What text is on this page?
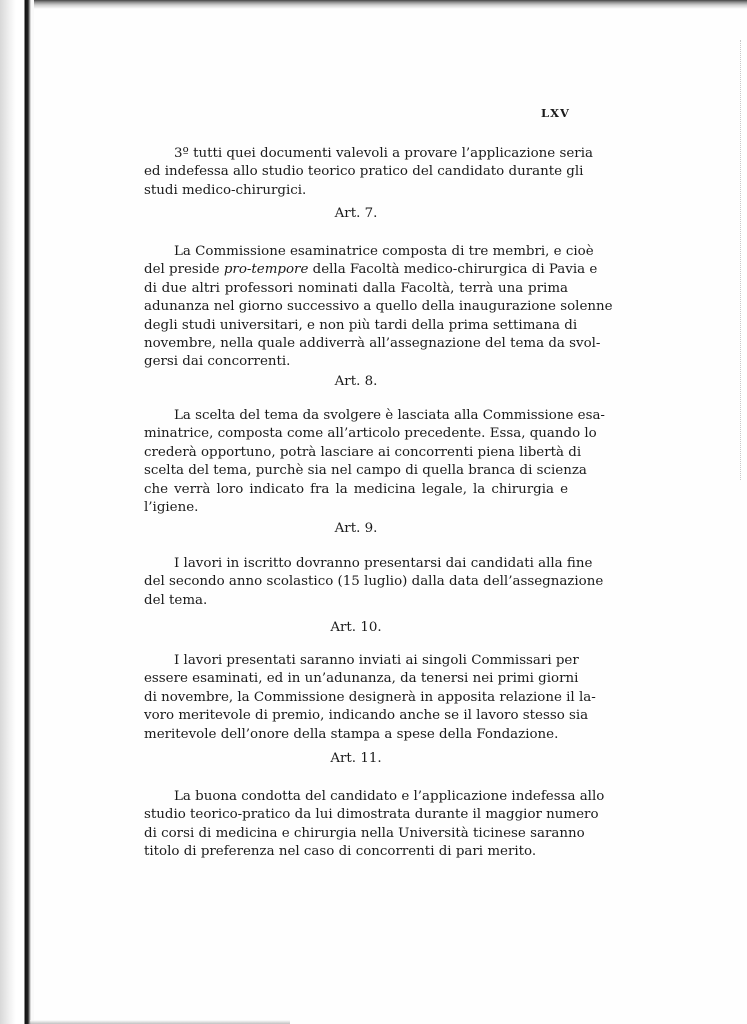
LXV
3º tutti quei documenti valevoli a provare l’applicazione seria
ed indefessa allo studio teorico pratico del candidato durante gli
studi medico-chirurgici.
Art. 7.
La Commissione esaminatrice composta di tre membri, e cioè
del preside pro-tempore della Facoltà medico-chirurgica di Pavia e
di due altri professori nominati dalla Facoltà, terrà una prima
adunanza nel giorno successivo a quello della inaugurazione solenne
degli studi universitari, e non più tardi della prima settimana di
novembre, nella quale addiverrà all’assegnazione del tema da svol-
gersi dai concorrenti.
Art. 8.
La scelta del tema da svolgere è lasciata alla Commissione esa-
minatrice, composta come all’articolo precedente. Essa, quando lo
crederà opportuno, potrà lasciare ai concorrenti piena libertà di
scelta del tema, purchè sia nel campo di quella branca di scienza
che verrà loro indicato fra la medicina legale, la chirurgia e
l’igiene.
Art. 9.
I lavori in iscritto dovranno presentarsi dai candidati alla fine
del secondo anno scolastico (15 luglio) dalla data dell’assegnazione
del tema.
Art. 10.
I lavori presentati saranno inviati ai singoli Commissari per
essere esaminati, ed in un’adunanza, da tenersi nei primi giorni
di novembre, la Commissione designerà in apposita relazione il la-
voro meritevole di premio, indicando anche se il lavoro stesso sia
meritevole dell’onore della stampa a spese della Fondazione.
Art. 11.
La buona condotta del candidato e l’applicazione indefessa allo
studio teorico-pratico da lui dimostrata durante il maggior numero
di corsi di medicina e chirurgia nella Università ticinese saranno
titolo di preferenza nel caso di concorrenti di pari merito.
